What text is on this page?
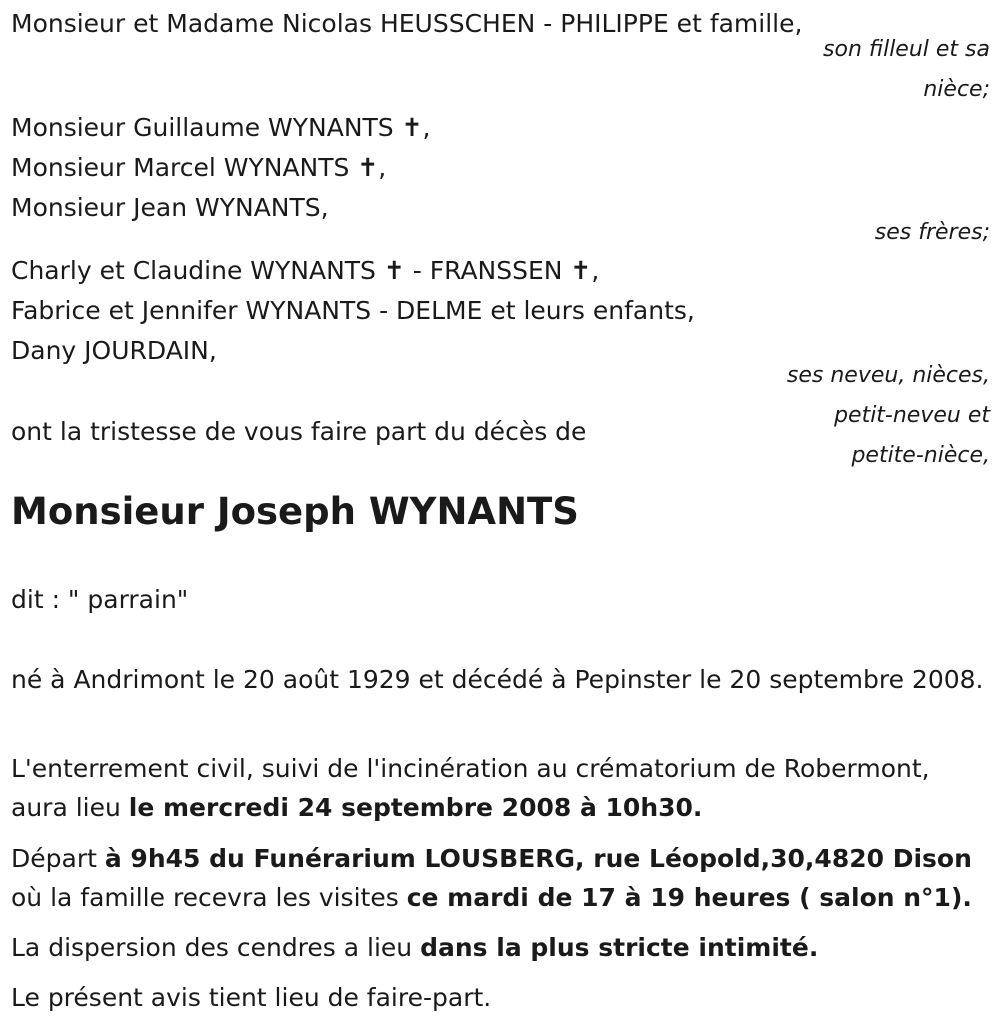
Monsieur et Madame Nicolas HEUSSCHEN - PHILIPPE et famille,
son filleul et sa
nièce;
Monsieur Guillaume WYNANTS ✝,
Monsieur Marcel WYNANTS ✝,
Monsieur Jean WYNANTS,
ses frères;
Charly et Claudine WYNANTS ✝ - FRANSSEN ✝,
Fabrice et Jennifer WYNANTS - DELME et leurs enfants,
Dany JOURDAIN,
ses neveu, nièces,
petit-neveu et
petite-nièce,
ont la tristesse de vous faire part du décès de
Monsieur Joseph WYNANTS
dit : " parrain"
né à Andrimont le 20 août 1929 et décédé à Pepinster le 20 septembre 2008.
L'enterrement civil, suivi de l'incinération au crématorium de Robermont, aura lieu le mercredi 24 septembre 2008 à 10h30.
Départ à 9h45 du Funérarium LOUSBERG, rue Léopold,30,4820 Dison où la famille recevra les visites ce mardi de 17 à 19 heures ( salon n°1).
La dispersion des cendres a lieu dans la plus stricte intimité.
Le présent avis tient lieu de faire-part.
